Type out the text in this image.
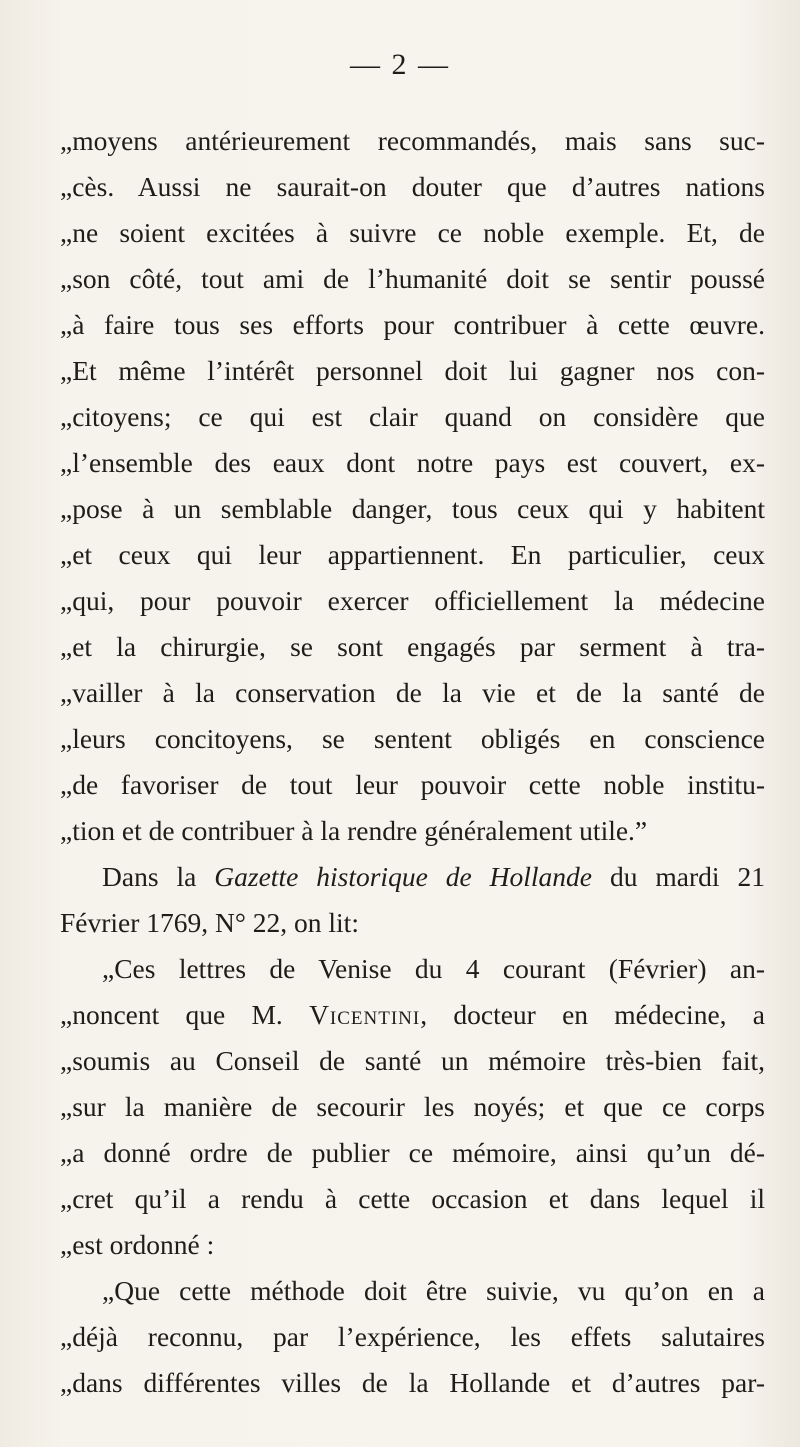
— 2 —
„moyens antérieurement recommandés, mais sans suc-
„cès. Aussi ne saurait-on douter que d’autres nations
„ne soient excitées à suivre ce noble exemple. Et, de
„son côté, tout ami de l’humanité doit se sentir poussé
„à faire tous ses efforts pour contribuer à cette œuvre.
„Et même l’intérêt personnel doit lui gagner nos con-
„citoyens; ce qui est clair quand on considère que
„l’ensemble des eaux dont notre pays est couvert, ex-
„pose à un semblable danger, tous ceux qui y habitent
„et ceux qui leur appartiennent. En particulier, ceux
„qui, pour pouvoir exercer officiellement la médecine
„et la chirurgie, se sont engagés par serment à tra-
„vailler à la conservation de la vie et de la santé de
„leurs concitoyens, se sentent obligés en conscience
„de favoriser de tout leur pouvoir cette noble institu-
„tion et de contribuer à la rendre généralement utile.”
Dans la Gazette historique de Hollande du mardi 21
Février 1769, N° 22, on lit:
„Ces lettres de Venise du 4 courant (Février) an-
„noncent que M. Vicentini, docteur en médecine, a
„soumis au Conseil de santé un mémoire très-bien fait,
„sur la manière de secourir les noyés; et que ce corps
„a donné ordre de publier ce mémoire, ainsi qu’un dé-
„cret qu’il a rendu à cette occasion et dans lequel il
„est ordonné :
„Que cette méthode doit être suivie, vu qu’on en a
„déjà reconnu, par l’expérience, les effets salutaires
„dans différentes villes de la Hollande et d’autres par-
